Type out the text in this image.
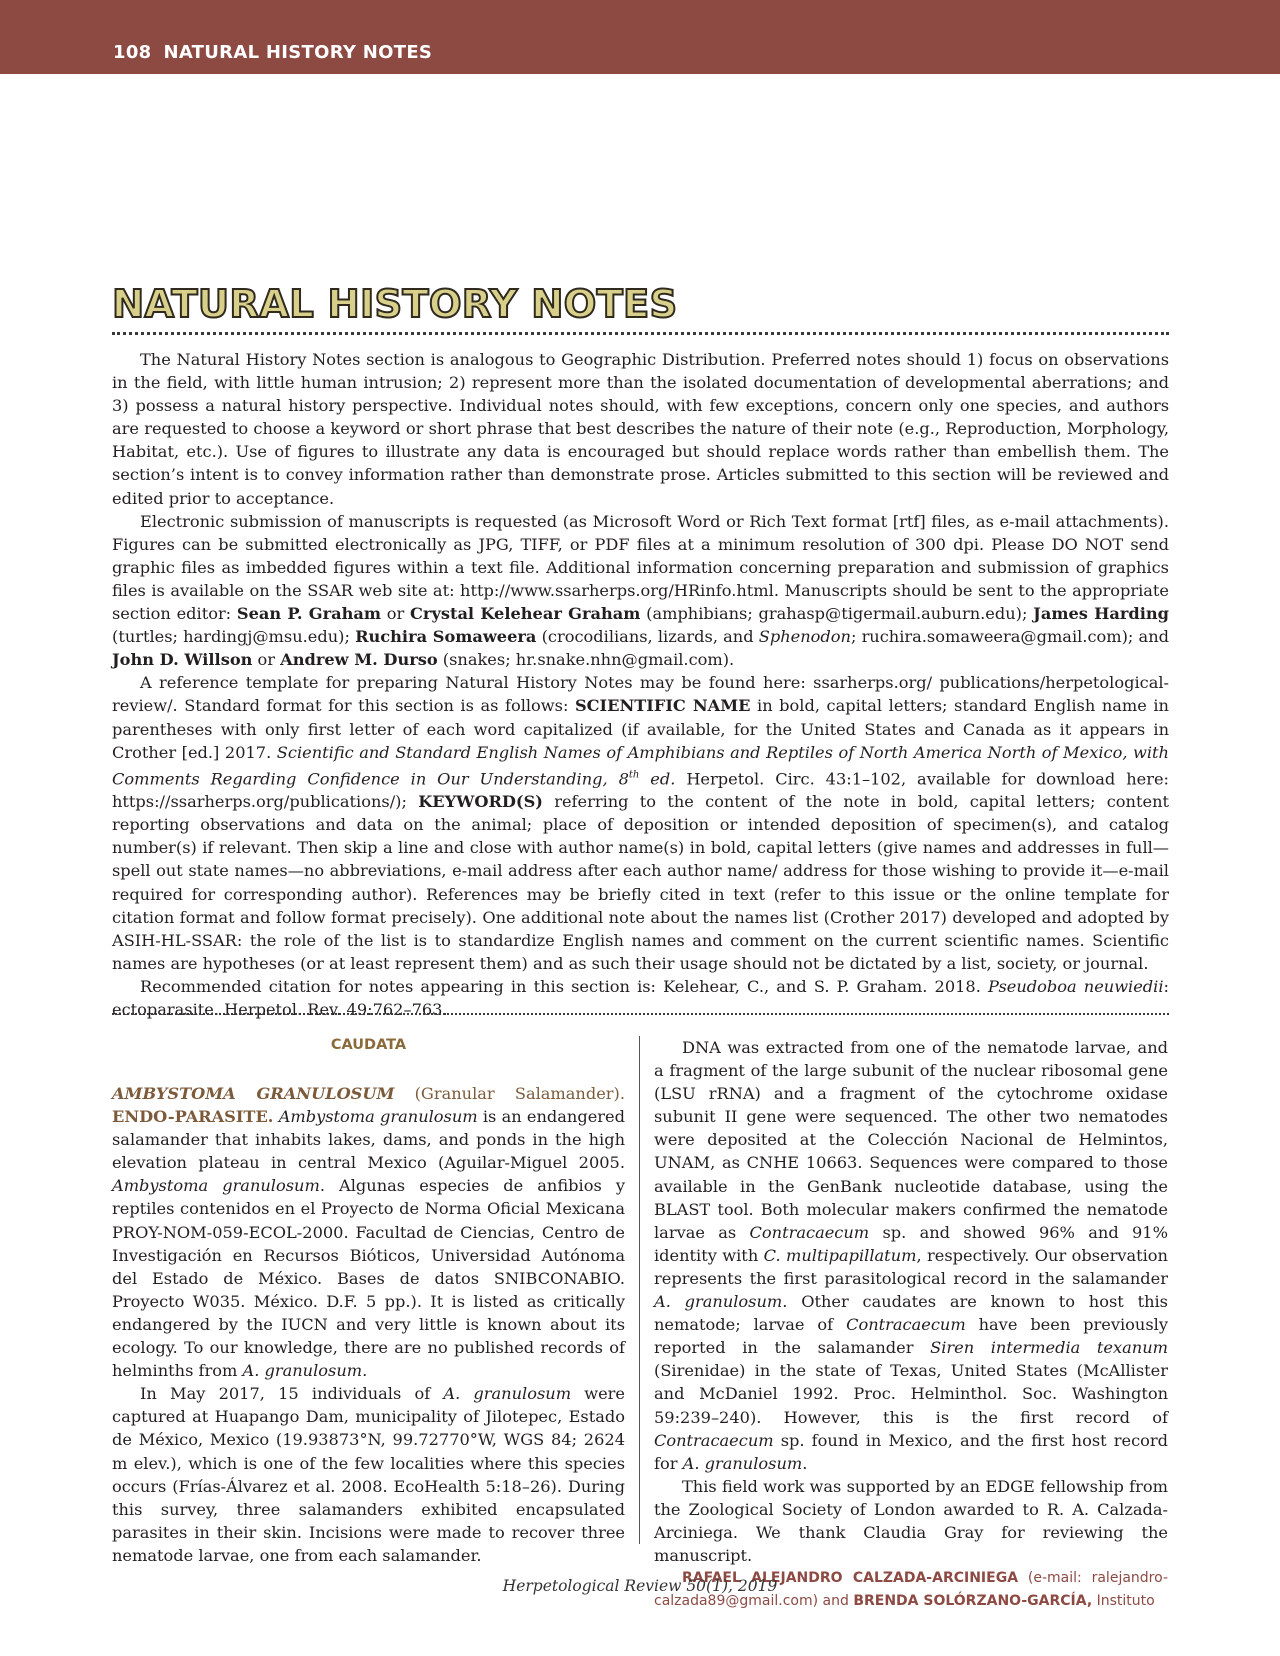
108 NATURAL HISTORY NOTES
NATURAL HISTORY NOTES

The Natural History Notes section is analogous to Geographic Distribution. Preferred notes should 1) focus on observations in the field, with little human intrusion; 2) represent more than the isolated documentation of developmental aberrations; and 3) possess a natural history perspective. Individual notes should, with few exceptions, concern only one species, and authors are requested to choose a keyword or short phrase that best describes the nature of their note (e.g., Reproduction, Morphology, Habitat, etc.). Use of figures to illustrate any data is encouraged but should replace words rather than embellish them. The section’s intent is to convey information rather than demonstrate prose. Articles submitted to this section will be reviewed and edited prior to acceptance.

Electronic submission of manuscripts is requested (as Microsoft Word or Rich Text format [rtf] files, as e-mail attachments). Figures can be submitted electronically as JPG, TIFF, or PDF files at a minimum resolution of 300 dpi. Please DO NOT send graphic files as imbedded figures within a text file. Additional information concerning preparation and submission of graphics files is available on the SSAR web site at: http://www.ssarherps.org/HRinfo.html. Manuscripts should be sent to the appropriate section editor: Sean P. Graham or Crystal Kelehear Graham (amphibians; grahasp@tigermail.auburn.edu); James Harding (turtles; hardingj@msu.edu); Ruchira Somaweera (crocodilians, lizards, and Sphenodon; ruchira.somaweera@gmail.com); and John D. Willson or Andrew M. Durso (snakes; hr.snake.nhn@gmail.com).

A reference template for preparing Natural History Notes may be found here: ssarherps.org/ publications/herpetological-review/. Standard format for this section is as follows: SCIENTIFIC NAME in bold, capital letters; standard English name in parentheses with only first letter of each word capitalized (if available, for the United States and Canada as it appears in Crother [ed.] 2017. Scientific and Standard English Names of Amphibians and Reptiles of North America North of Mexico, with Comments Regarding Confidence in Our Understanding, 8th ed. Herpetol. Circ. 43:1–102, available for download here: https://ssarherps.org/publications/); KEYWORD(S) referring to the content of the note in bold, capital letters; content reporting observations and data on the animal; place of deposition or intended deposition of specimen(s), and catalog number(s) if relevant. Then skip a line and close with author name(s) in bold, capital letters (give names and addresses in full—spell out state names—no abbreviations, e-mail address after each author name/ address for those wishing to provide it—e-mail required for corresponding author). References may be briefly cited in text (refer to this issue or the online template for citation format and follow format precisely). One additional note about the names list (Crother 2017) developed and adopted by ASIH-HL-SSAR: the role of the list is to standardize English names and comment on the current scientific names. Scientific names are hypotheses (or at least represent them) and as such their usage should not be dictated by a list, society, or journal.

Recommended citation for notes appearing in this section is: Kelehear, C., and S. P. Graham. 2018. Pseudoboa neuwiedii: ectoparasite. Herpetol. Rev. 49:762–763.

CAUDATA

AMBYSTOMA GRANULOSUM (Granular Salamander). ENDO-PARASITE. Ambystoma granulosum is an endangered salamander that inhabits lakes, dams, and ponds in the high elevation plateau in central Mexico (Aguilar-Miguel 2005. Ambystoma granulosum. Algunas especies de anfibios y reptiles contenidos en el Proyecto de Norma Oficial Mexicana PROY-NOM-059-ECOL-2000. Facultad de Ciencias, Centro de Investigación en Recursos Bióticos, Universidad Autónoma del Estado de México. Bases de datos SNIBCONABIO. Proyecto W035. México. D.F. 5 pp.). It is listed as critically endangered by the IUCN and very little is known about its ecology. To our knowledge, there are no published records of helminths from A. granulosum.

In May 2017, 15 individuals of A. granulosum were captured at Huapango Dam, municipality of Jilotepec, Estado de México, Mexico (19.93873°N, 99.72770°W, WGS 84; 2624 m elev.), which is one of the few localities where this species occurs (Frías-Álvarez et al. 2008. EcoHealth 5:18–26). During this survey, three salamanders exhibited encapsulated parasites in their skin. Incisions were made to recover three nematode larvae, one from each salamander.

DNA was extracted from one of the nematode larvae, and a fragment of the large subunit of the nuclear ribosomal gene (LSU rRNA) and a fragment of the cytochrome oxidase subunit II gene were sequenced. The other two nematodes were deposited at the Colección Nacional de Helmintos, UNAM, as CNHE 10663. Sequences were compared to those available in the GenBank nucleotide database, using the BLAST tool. Both molecular makers confirmed the nematode larvae as Contracaecum sp. and showed 96% and 91% identity with C. multipapillatum, respectively. Our observation represents the first parasitological record in the salamander A. granulosum. Other caudates are known to host this nematode; larvae of Contracaecum have been previously reported in the salamander Siren intermedia texanum (Sirenidae) in the state of Texas, United States (McAllister and McDaniel 1992. Proc. Helminthol. Soc. Washington 59:239–240). However, this is the first record of Contracaecum sp. found in Mexico, and the first host record for A. granulosum.

This field work was supported by an EDGE fellowship from the Zoological Society of London awarded to R. A. Calzada-Arciniega. We thank Claudia Gray for reviewing the manuscript.

RAFAEL ALEJANDRO CALZADA-ARCINIEGA (e-mail: ralejandro-calzada89@gmail.com) and BRENDA SOLÓRZANO-GARCÍA, Instituto

Herpetological Review 50(1), 2019
